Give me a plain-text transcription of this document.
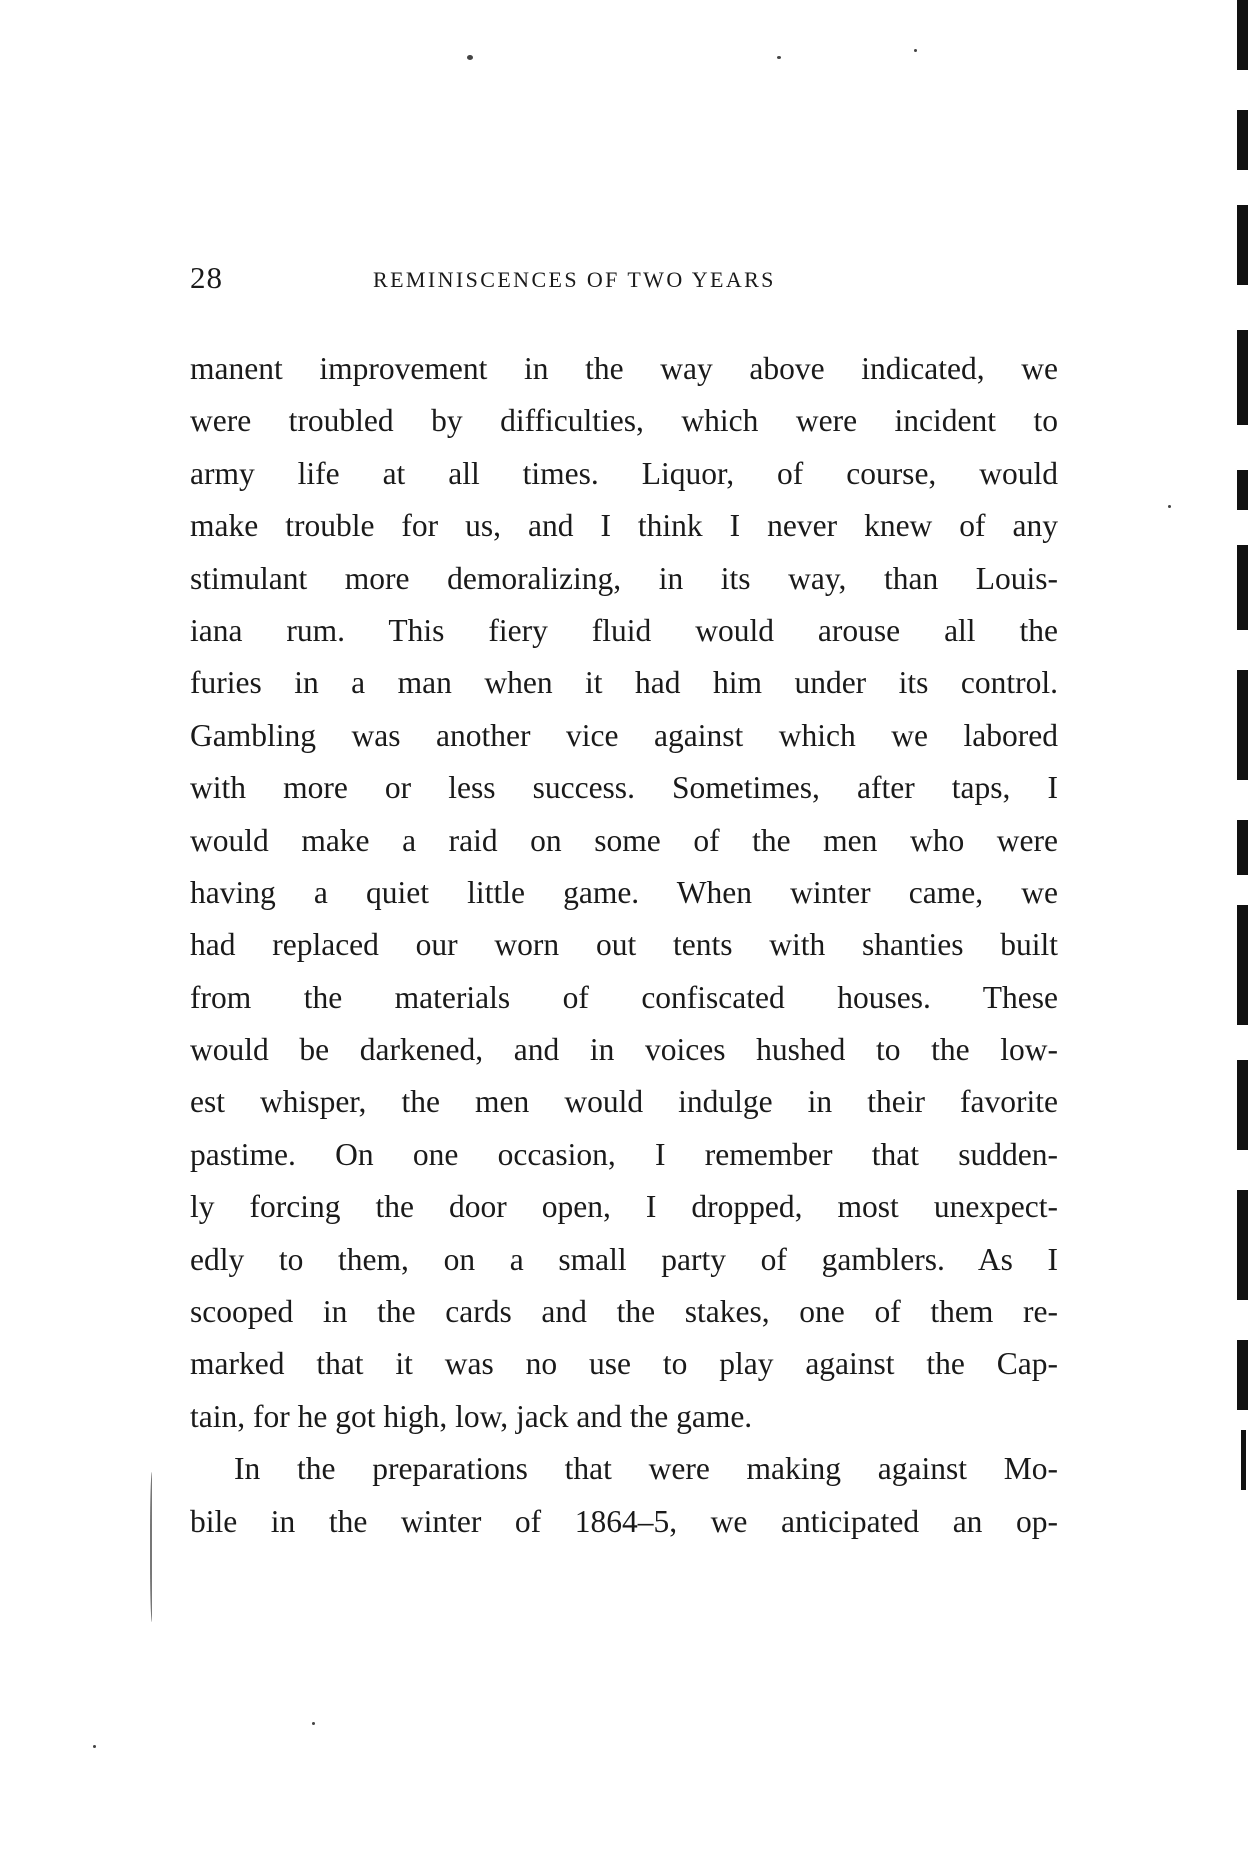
28	REMINISCENCES OF TWO YEARS
manent improvement in the way above indicated, we
were troubled by difficulties, which were incident to
army life at all times. Liquor, of course, would
make trouble for us, and I think I never knew of any
stimulant more demoralizing, in its way, than Louis-
iana rum. This fiery fluid would arouse all the
furies in a man when it had him under its control.
Gambling was another vice against which we labored
with more or less success. Sometimes, after taps, I
would make a raid on some of the men who were
having a quiet little game. When winter came, we
had replaced our worn out tents with shanties built
from the materials of confiscated houses. These
would be darkened, and in voices hushed to the low-
est whisper, the men would indulge in their favorite
pastime. On one occasion, I remember that sudden-
ly forcing the door open, I dropped, most unexpect-
edly to them, on a small party of gamblers. As I
scooped in the cards and the stakes, one of them re-
marked that it was no use to play against the Cap-
tain, for he got high, low, jack and the game.
In the preparations that were making against Mo-
bile in the winter of 1864–5, we anticipated an op-
